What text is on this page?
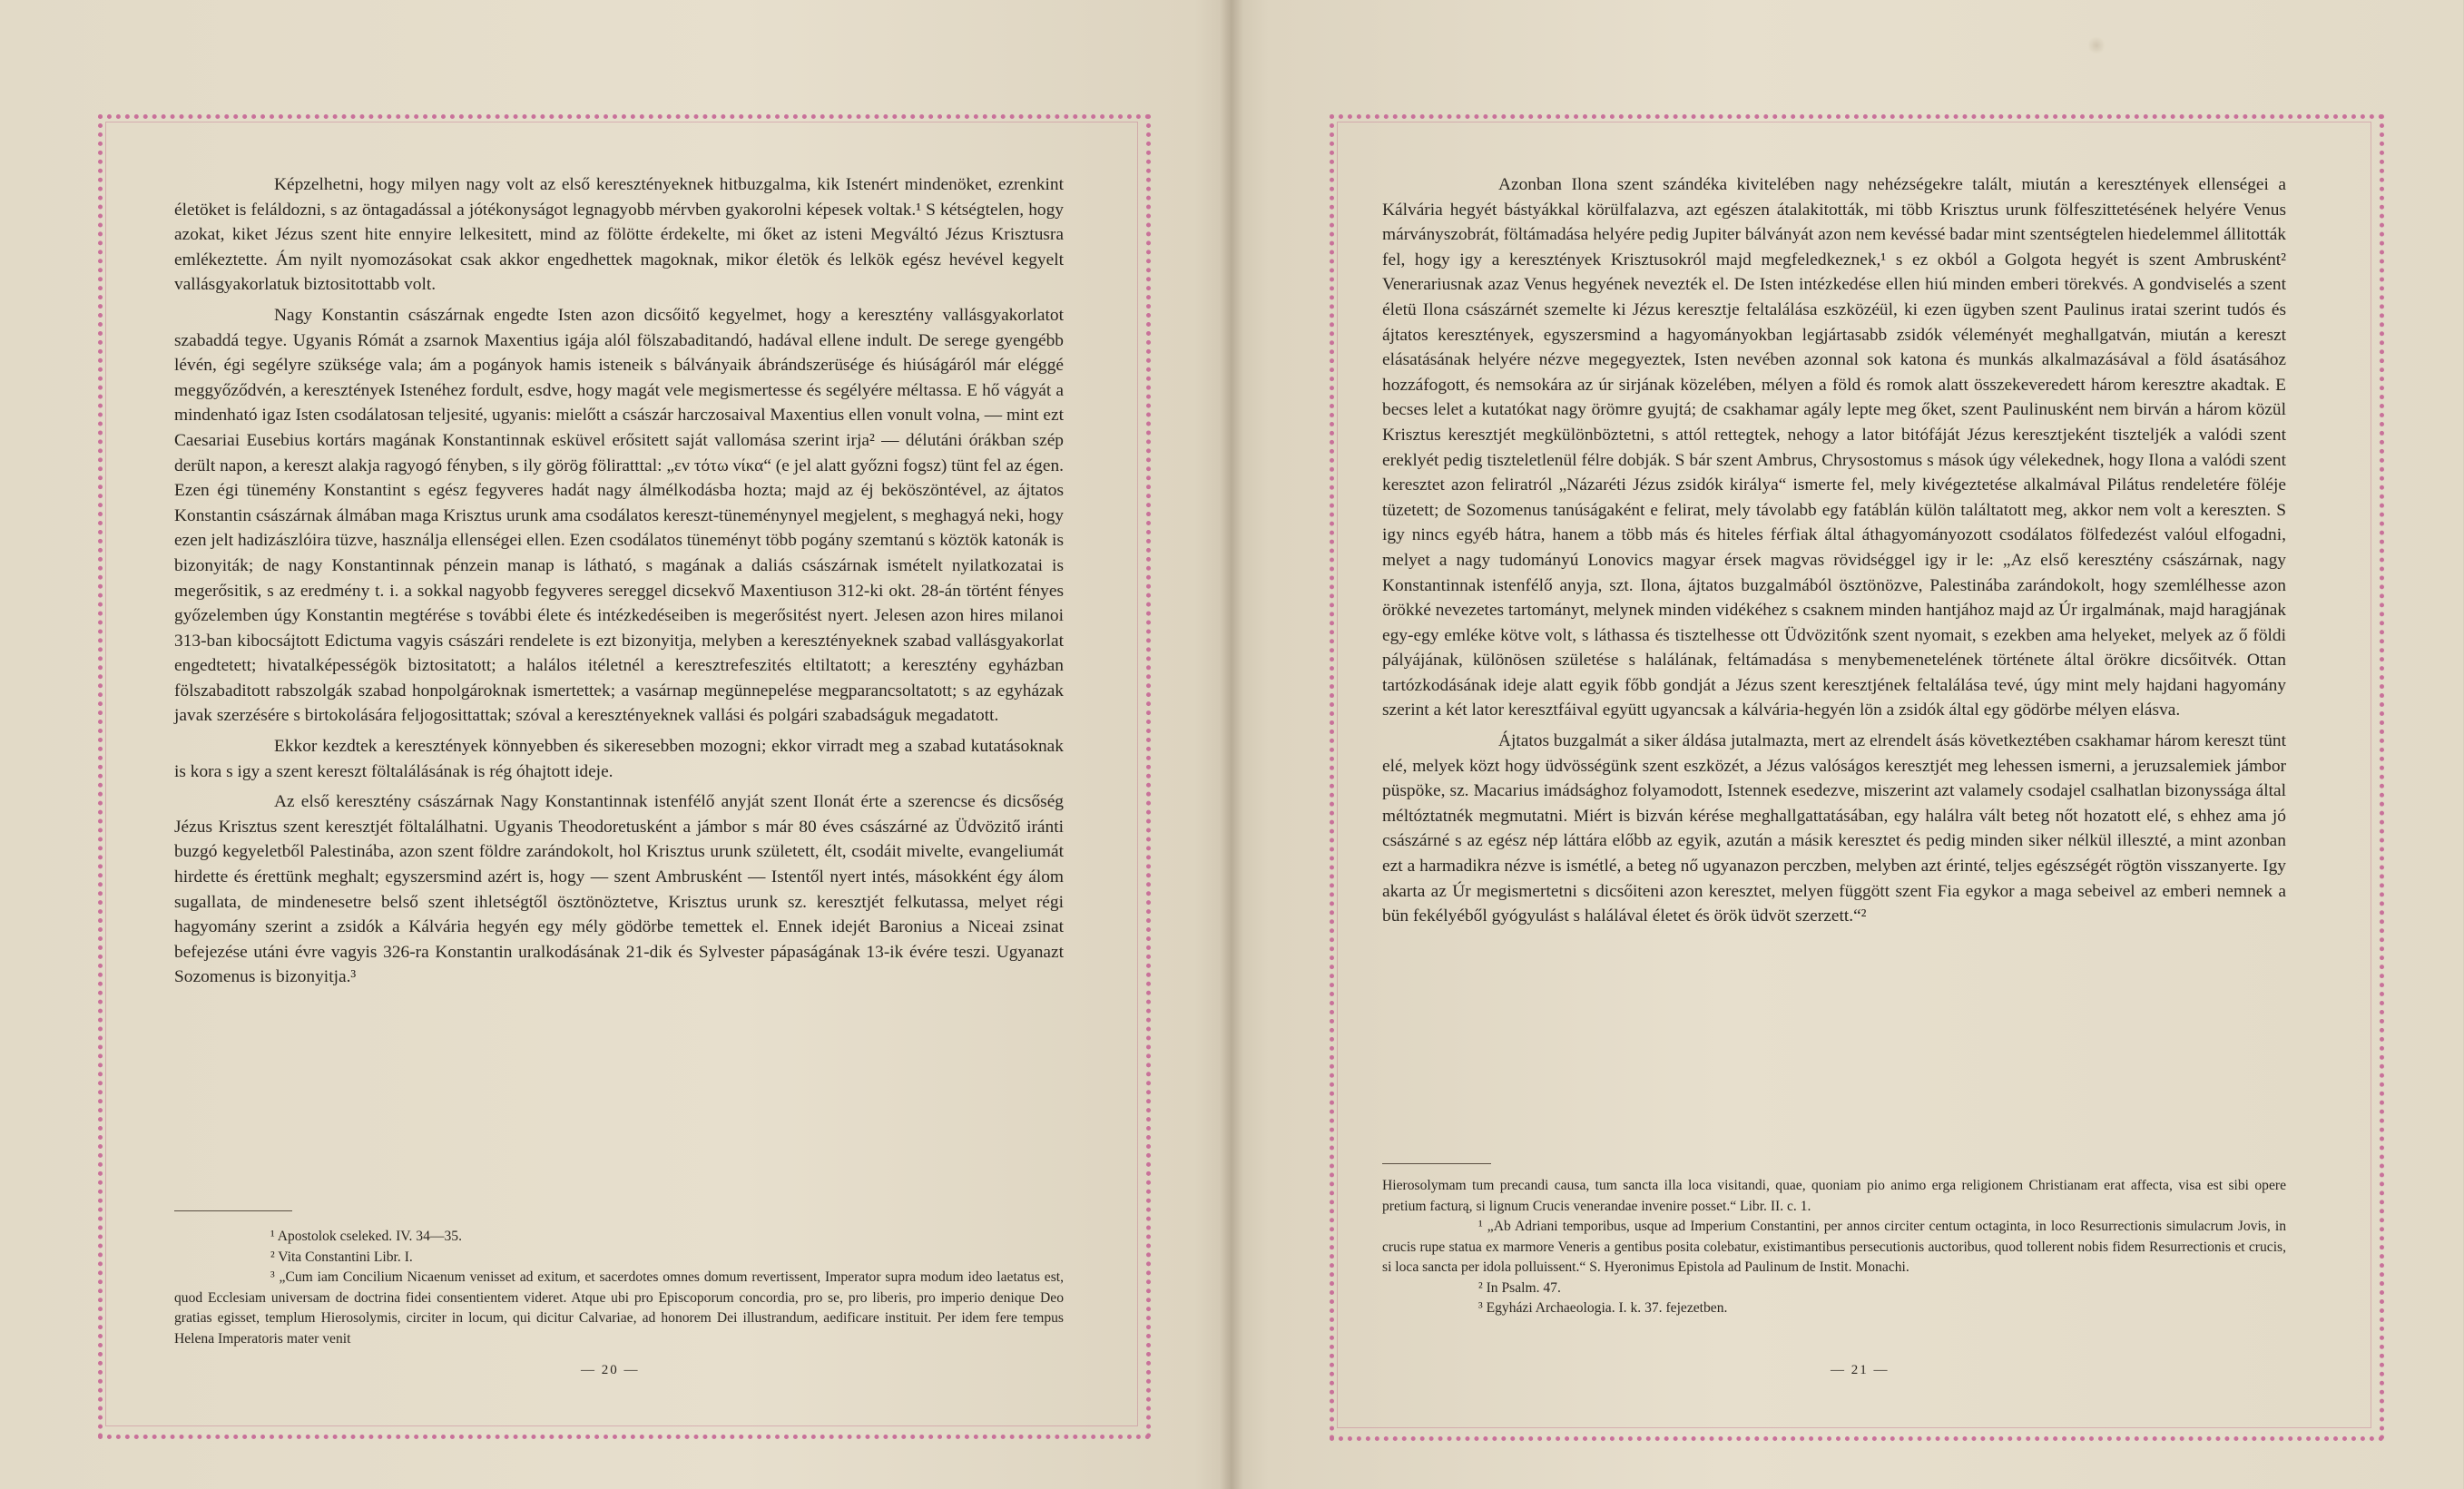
Képzelhetni, hogy milyen nagy volt az első keresztényeknek hitbuzgalma, kik Istenért mindenöket, ezrenkint életöket is feláldozni, s az öntagadással a jótékonyságot legnagyobb mérvben gyakorolni képesek voltak.¹ S kétségtelen, hogy azokat, kiket Jézus szent hite ennyire lelkesitett, mind az fölötte érdekelte, mi őket az isteni Megváltó Jézus Krisztusra emlékeztette. Ám nyilt nyomozásokat csak akkor engedhettek magoknak, mikor életök és lelkök egész hevével kegyelt vallásgyakorlatuk biztositottabb volt.

Nagy Konstantin császárnak engedte Isten azon dicsőitő kegyelmet, hogy a keresztény vallásgyakorlatot szabaddá tegye. Ugyanis Rómát a zsarnok Maxentius igája alól fölszabaditandó, hadával ellene indult. De serege gyengébb lévén, égi segélyre szüksége vala; ám a pogányok hamis isteneik s bálványaik ábrándszerüsége és hiúságáról már eléggé meggyőződvén, a keresztények Istenéhez fordult, esdve, hogy magát vele megismertesse és segélyére méltassa. E hő vágyát a mindenható igaz Isten csodálatosan teljesité, ugyanis: mielőtt a császár harczosaival Maxentius ellen vonult volna, — mint ezt Caesariai Eusebius kortárs magának Konstantinnak esküvel erősitett saját vallomása szerint irja² — délutáni órákban szép derült napon, a kereszt alakja ragyogó fényben, s ily görög föliratttal: „εν τότω νίκα“ (e jel alatt győzni fogsz) tünt fel az égen. Ezen égi tünemény Konstantint s egész fegyveres hadát nagy álmélkodásba hozta; majd az éj beköszöntével, az ájtatos Konstantin császárnak álmában maga Krisztus urunk ama csodálatos kereszt-tüneménynyel megjelent, s meghagyá neki, hogy ezen jelt hadizászlóira tüzve, használja ellenségei ellen. Ezen csodálatos tüneményt több pogány szemtanú s köztök katonák is bizonyiták; de nagy Konstantinnak pénzein manap is látható, s magának a daliás császárnak ismételt nyilatkozatai is megerősitik, s az eredmény t. i. a sokkal nagyobb fegyveres sereggel dicsekvő Maxentiuson 312-ki okt. 28-án történt fényes győzelemben úgy Konstantin megtérése s további élete és intézkedéseiben is megerősitést nyert. Jelesen azon hires milanoi 313-ban kibocsájtott Edictuma vagyis császári rendelete is ezt bizonyitja, melyben a keresztényeknek szabad vallásgyakorlat engedtetett; hivatalképességök biztositatott; a halálos itéletnél a keresztrefeszités eltiltatott; a keresztény egyházban fölszabaditott rabszolgák szabad honpolgároknak ismertettek; a vasárnap megünnepelése megparancsoltatott; s az egyházak javak szerzésére s birtokolására feljogosittattak; szóval a keresztényeknek vallási és polgári szabadságuk megadatott.

Ekkor kezdtek a keresztények könnyebben és sikeresebben mozogni; ekkor virradt meg a szabad kutatásoknak is kora s igy a szent kereszt föltalálásának is rég óhajtott ideje.

Az első keresztény császárnak Nagy Konstantinnak istenfélő anyját szent Ilonát érte a szerencse és dicsőség Jézus Krisztus szent keresztjét föltalálhatni. Ugyanis Theodoretusként a jámbor s már 80 éves császárné az Üdvözitő iránti buzgó kegyeletből Palestinába, azon szent földre zarándokolt, hol Krisztus urunk született, élt, csodáit mivelte, evangeliumát hirdette és érettünk meghalt; egyszersmind azért is, hogy — szent Ambrusként — Istentől nyert intés, másokként égy álom sugallata, de mindenesetre belső szent ihletségtől ösztönöztetve, Krisztus urunk sz. keresztjét felkutassa, melyet régi hagyomány szerint a zsidók a Kálvária hegyén egy mély gödörbe temettek el. Ennek idejét Baronius a Niceai zsinat befejezése utáni évre vagyis 326-ra Konstantin uralkodásának 21-dik és Sylvester pápaságának 13-ik évére teszi. Ugyanazt Sozomenus is bizonyitja.³

¹ Apostolok cseleked. IV. 34—35.

² Vita Constantini Libr. I.

³ „Cum iam Concilium Nicaenum venisset ad exitum, et sacerdotes omnes domum revertissent, Imperator supra modum ideo laetatus est, quod Ecclesiam universam de doctrina fidei consentientem videret. Atque ubi pro Episcoporum concordia, pro se, pro liberis, pro imperio denique Deo gratias egisset, templum Hierosolymis, circiter in locum, qui dicitur Calvariae, ad honorem Dei illustrandum, aedificare instituit. Per idem fere tempus Helena Imperatoris mater venit

— 20 —

Azonban Ilona szent szándéka kivitelében nagy nehézségekre talált, miután a keresztények ellenségei a Kálvária hegyét bástyákkal körülfalazva, azt egészen átalakitották, mi több Krisztus urunk fölfeszittetésének helyére Venus márványszobrát, föltámadása helyére pedig Jupiter bálványát azon nem kevéssé badar mint szentségtelen hiedelemmel állitották fel, hogy igy a keresztények Krisztusokról majd megfeledkeznek,¹ s ez okból a Golgota hegyét is szent Ambrusként² Venerariusnak azaz Venus hegyének nevezték el. De Isten intézkedése ellen hiú minden emberi törekvés. A gondviselés a szent életü Ilona császárnét szemelte ki Jézus keresztje feltalálása eszközéül, ki ezen ügyben szent Paulinus iratai szerint tudós és ájtatos keresztények, egyszersmind a hagyományokban legjártasabb zsidók véleményét meghallgatván, miután a kereszt elásatásának helyére nézve megegyeztek, Isten nevében azonnal sok katona és munkás alkalmazásával a föld ásatásához hozzáfogott, és nemsokára az úr sirjának közelében, mélyen a föld és romok alatt összekeveredett három keresztre akadtak. E becses lelet a kutatókat nagy örömre gyujtá; de csakhamar agály lepte meg őket, szent Paulinusként nem birván a három közül Krisztus keresztjét megkülönböztetni, s attól rettegtek, nehogy a lator bitófáját Jézus keresztjeként tiszteljék a valódi szent ereklyét pedig tiszteletlenül félre dobják. S bár szent Ambrus, Chrysostomus s mások úgy vélekednek, hogy Ilona a valódi szent keresztet azon feliratról „Názaréti Jézus zsidók királya“ ismerte fel, mely kivégeztetése alkalmával Pilátus rendeletére föléje tüzetett; de Sozomenus tanúságaként e felirat, mely távolabb egy fatáblán külön találtatott meg, akkor nem volt a kereszten. S igy nincs egyéb hátra, hanem a több más és hiteles férfiak által áthagyományozott csodálatos fölfedezést valóul elfogadni, melyet a nagy tudományú Lonovics magyar érsek magvas rövidséggel igy ir le: „Az első keresztény császárnak, nagy Konstantinnak istenfélő anyja, szt. Ilona, ájtatos buzgalmából ösztönözve, Palestinába zarándokolt, hogy szemlélhesse azon örökké nevezetes tartományt, melynek minden vidékéhez s csaknem minden hantjához majd az Úr irgalmának, majd haragjának egy-egy emléke kötve volt, s láthassa és tisztelhesse ott Üdvözitőnk szent nyomait, s ezekben ama helyeket, melyek az ő földi pályájának, különösen születése s halálának, feltámadása s menybemenetelének története által örökre dicsőitvék. Ottan tartózkodásának ideje alatt egyik főbb gondját a Jézus szent keresztjének feltalálása tevé, úgy mint mely hajdani hagyomány szerint a két lator keresztfáival együtt ugyancsak a kálvária-hegyén lön a zsidók által egy gödörbe mélyen elásva.

Ájtatos buzgalmát a siker áldása jutalmazta, mert az elrendelt ásás következtében csakhamar három kereszt tünt elé, melyek közt hogy üdvösségünk szent eszközét, a Jézus valóságos keresztjét meg lehessen ismerni, a jeruzsalemiek jámbor püspöke, sz. Macarius imádsághoz folyamodott, Istennek esedezve, miszerint azt valamely csodajel csalhatlan bizonyssága által méltóztatnék megmutatni. Miért is bizván kérése meghallgattatásában, egy halálra vált beteg nőt hozatott elé, s ehhez ama jó császárné s az egész nép láttára előbb az egyik, azután a másik keresztet és pedig minden siker nélkül illeszté, a mint azonban ezt a harmadikra nézve is ismétlé, a beteg nő ugyanazon perczben, melyben azt érinté, teljes egészségét rögtön visszanyerte. Igy akarta az Úr megismertetni s dicsőiteni azon keresztet, melyen függött szent Fia egykor a maga sebeivel az emberi nemnek a bün fekélyéből gyógyulást s halálával életet és örök üdvöt szerzett.“²

Hierosolymam tum precandi causa, tum sancta illa loca visitandi, quae, quoniam pio animo erga religionem Christianam erat affecta, visa est sibi opere pretium facturą, si lignum Crucis venerandae invenire posset.“ Libr. II. c. 1.

¹ „Ab Adriani temporibus, usque ad Imperium Constantini, per annos circiter centum octaginta, in loco Resurrectionis simulacrum Jovis, in crucis rupe statua ex marmore Veneris a gentibus posita colebatur, existimantibus persecutionis auctoribus, quod tollerent nobis fidem Resurrectionis et crucis, si loca sancta per idola polluissent.“ S. Hyeronimus Epistola ad Paulinum de Instit. Monachi.

² In Psalm. 47.

³ Egyházi Archaeologia. I. k. 37. fejezetben.

— 21 —
